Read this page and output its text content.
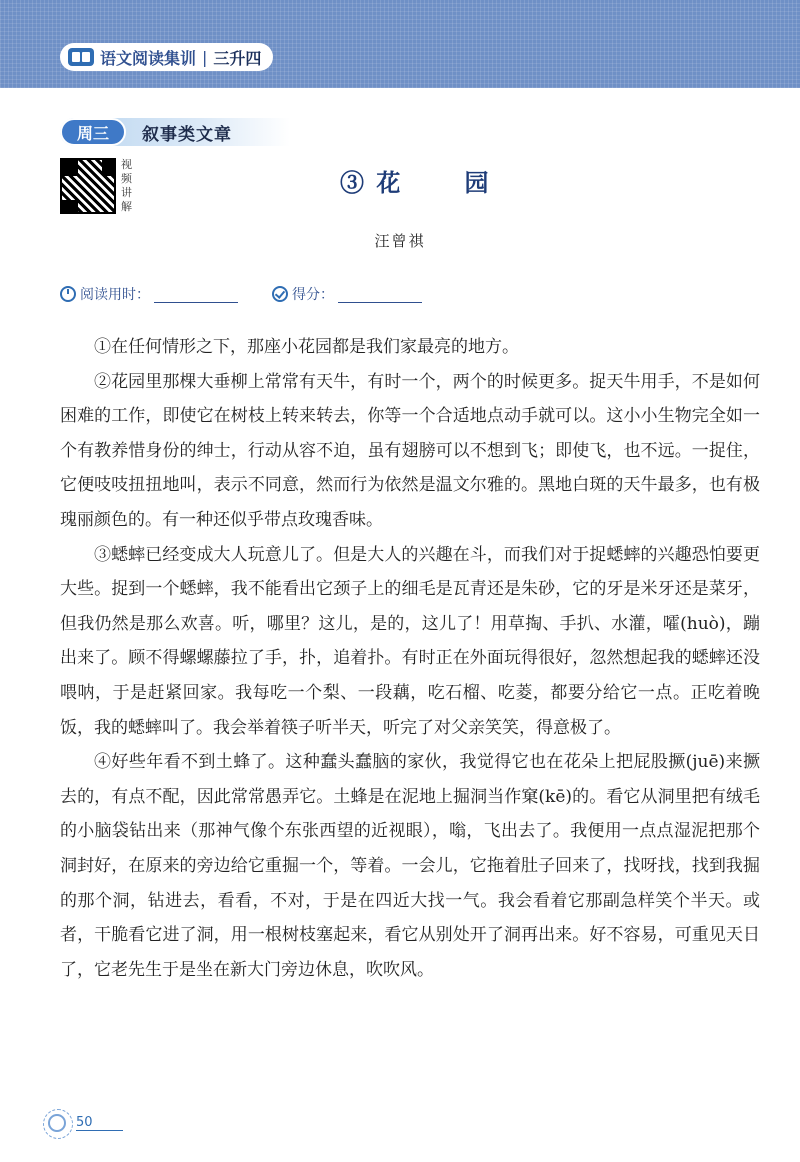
语文阅读集训 | 三升四
周三	叙事类文章
视
频
讲
解
③ 花      园
汪曾祺
阅读用时：	得分：

①在任何情形之下，那座小花园都是我们家最亮的地方。

②花园里那棵大垂柳上常常有天牛，有时一个，两个的时候更多。捉天牛用手，不是如何困难的工作，即使它在树枝上转来转去，你等一个合适地点动手就可以。这小小生物完全如一个有教养惜身份的绅士，行动从容不迫，虽有翅膀可以不想到飞；即使飞，也不远。一捉住，它便吱吱扭扭地叫，表示不同意，然而行为依然是温文尔雅的。黑地白斑的天牛最多，也有极瑰丽颜色的。有一种还似乎带点玫瑰香味。

③蟋蟀已经变成大人玩意儿了。但是大人的兴趣在斗，而我们对于捉蟋蟀的兴趣恐怕要更大些。捉到一个蟋蟀，我不能看出它颈子上的细毛是瓦青还是朱砂，它的牙是米牙还是菜牙，但我仍然是那么欢喜。听，哪里？这儿，是的，这儿了！用草掏、手扒、水灌，嚯(huò)，蹦出来了。顾不得螺螺藤拉了手，扑，追着扑。有时正在外面玩得很好，忽然想起我的蟋蟀还没喂呐，于是赶紧回家。我每吃一个梨、一段藕，吃石榴、吃菱，都要分给它一点。正吃着晚饭，我的蟋蟀叫了。我会举着筷子听半天，听完了对父亲笑笑，得意极了。

④好些年看不到土蜂了。这种蠢头蠢脑的家伙，我觉得它也在花朵上把屁股撅(juē)来撅去的，有点不配，因此常常愚弄它。土蜂是在泥地上掘洞当作窠(kē)的。看它从洞里把有绒毛的小脑袋钻出来（那神气像个东张西望的近视眼），嗡，飞出去了。我便用一点点湿泥把那个洞封好，在原来的旁边给它重掘一个，等着。一会儿，它拖着肚子回来了，找呀找，找到我掘的那个洞，钻进去，看看，不对，于是在四近大找一气。我会看着它那副急样笑个半天。或者，干脆看它进了洞，用一根树枝塞起来，看它从别处开了洞再出来。好不容易，可重见天日了，它老先生于是坐在新大门旁边休息，吹吹风。

50
